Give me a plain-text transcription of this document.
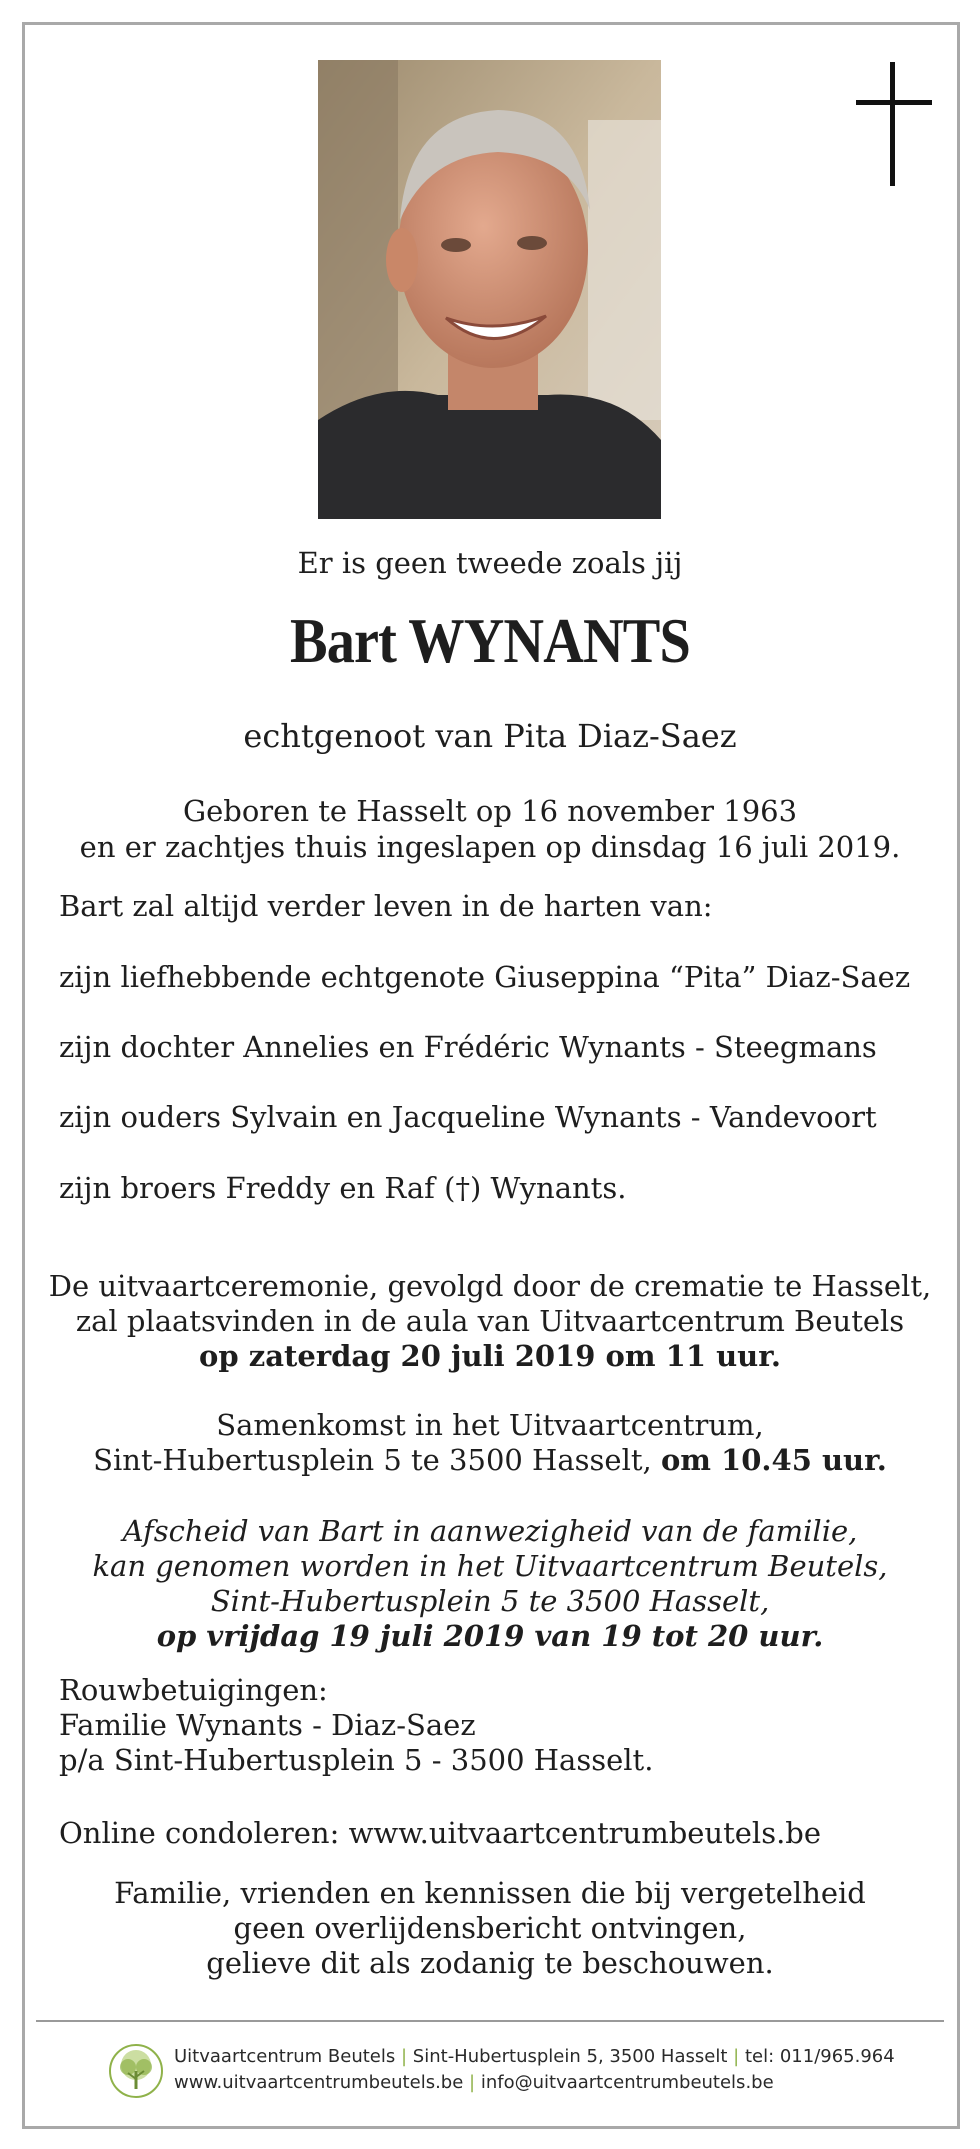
Er is geen tweede zoals jij
Bart WYNANTS
echtgenoot van Pita Diaz-Saez
Geboren te Hasselt op 16 november 1963
en er zachtjes thuis ingeslapen op dinsdag 16 juli 2019.
Bart zal altijd verder leven in de harten van:
zijn liefhebbende echtgenote Giuseppina “Pita” Diaz-Saez
zijn dochter Annelies en Frédéric Wynants - Steegmans
zijn ouders Sylvain en Jacqueline Wynants - Vandevoort
zijn broers Freddy en Raf (†) Wynants.
De uitvaartceremonie, gevolgd door de crematie te Hasselt,
zal plaatsvinden in de aula van Uitvaartcentrum Beutels
op zaterdag 20 juli 2019 om 11 uur.
Samenkomst in het Uitvaartcentrum,
Sint-Hubertusplein 5 te 3500 Hasselt, om 10.45 uur.
Afscheid van Bart in aanwezigheid van de familie,
kan genomen worden in het Uitvaartcentrum Beutels,
Sint-Hubertusplein 5 te 3500 Hasselt,
op vrijdag 19 juli 2019 van 19 tot 20 uur.
Rouwbetuigingen:
Familie Wynants - Diaz-Saez
p/a Sint-Hubertusplein 5 - 3500 Hasselt.
Online condoleren: www.uitvaartcentrumbeutels.be
Familie, vrienden en kennissen die bij vergetelheid
geen overlijdensbericht ontvingen,
gelieve dit als zodanig te beschouwen.
Uitvaartcentrum Beutels | Sint-Hubertusplein 5, 3500 Hasselt | tel: 011/965.964
www.uitvaartcentrumbeutels.be | info@uitvaartcentrumbeutels.be
